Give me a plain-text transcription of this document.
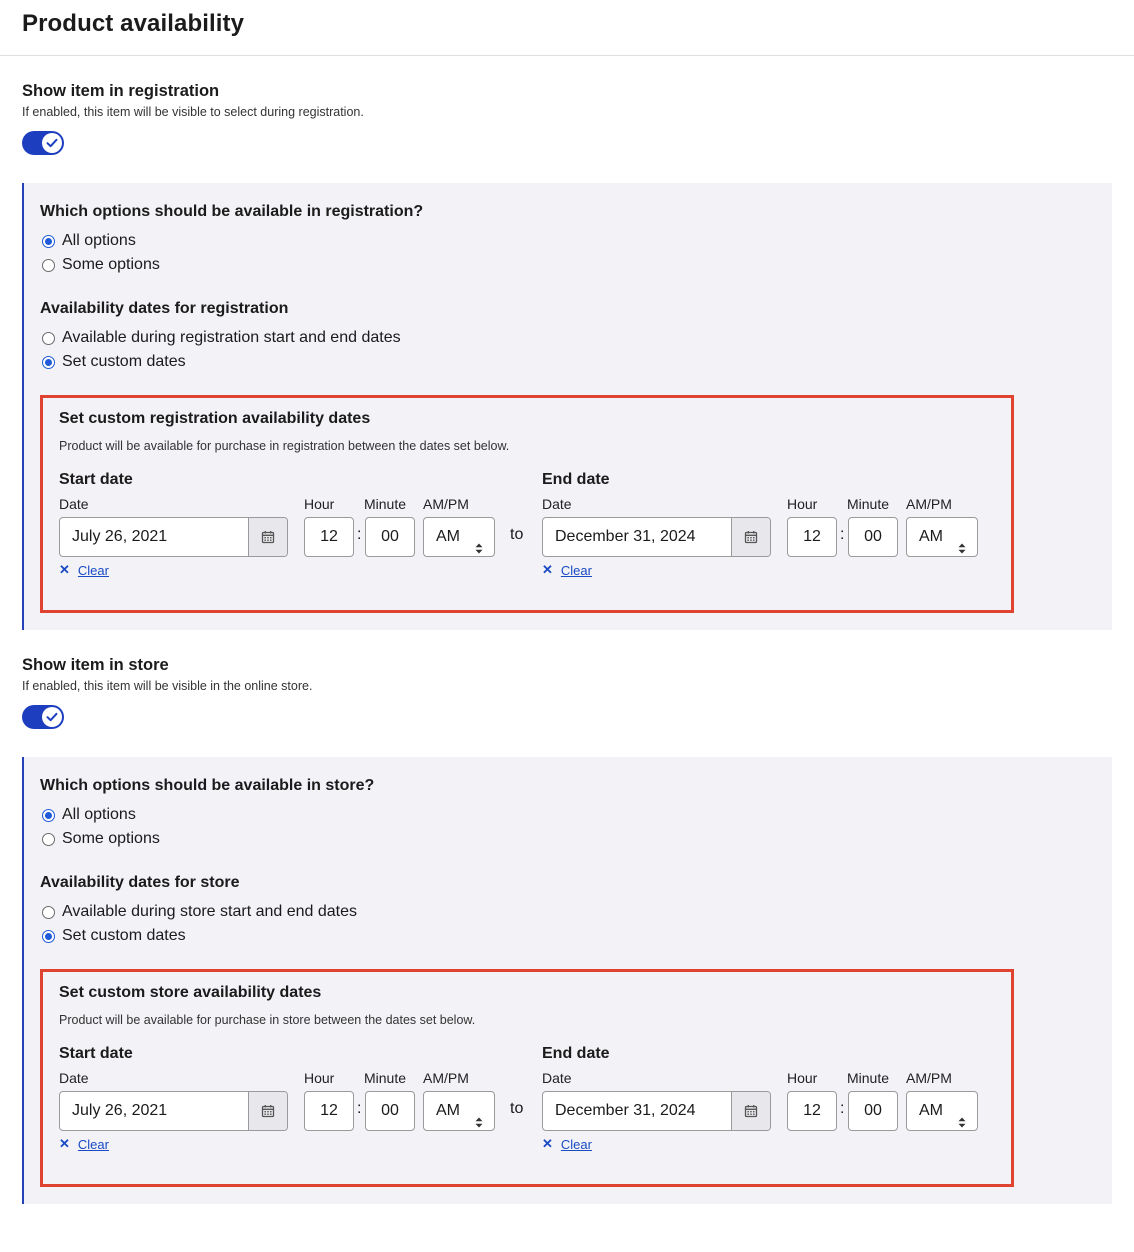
Product availability
Show item in registration
If enabled, this item will be visible to select during registration.
Which options should be available in registration?
All options
Some options
Availability dates for registration
Available during registration start and end dates
Set custom dates
Set custom registration availability dates
Product will be available for purchase in registration between the dates set below.
Start date
Date	Hour Minute AM/PM
July 26, 2021	12	:	00	AM
✕ Clear
to
End date
Date	Hour Minute AM/PM
December 31, 2024	12	:	00	AM
✕ Clear
Show item in store
If enabled, this item will be visible in the online store.
Which options should be available in store?
All options
Some options
Availability dates for store
Available during store start and end dates
Set custom dates
Set custom store availability dates
Product will be available for purchase in store between the dates set below.
Start date
Date	Hour Minute AM/PM
July 26, 2021	12	:	00	AM
✕ Clear
to
End date
Date	Hour Minute AM/PM
December 31, 2024	12	:	00	AM
✕ Clear
